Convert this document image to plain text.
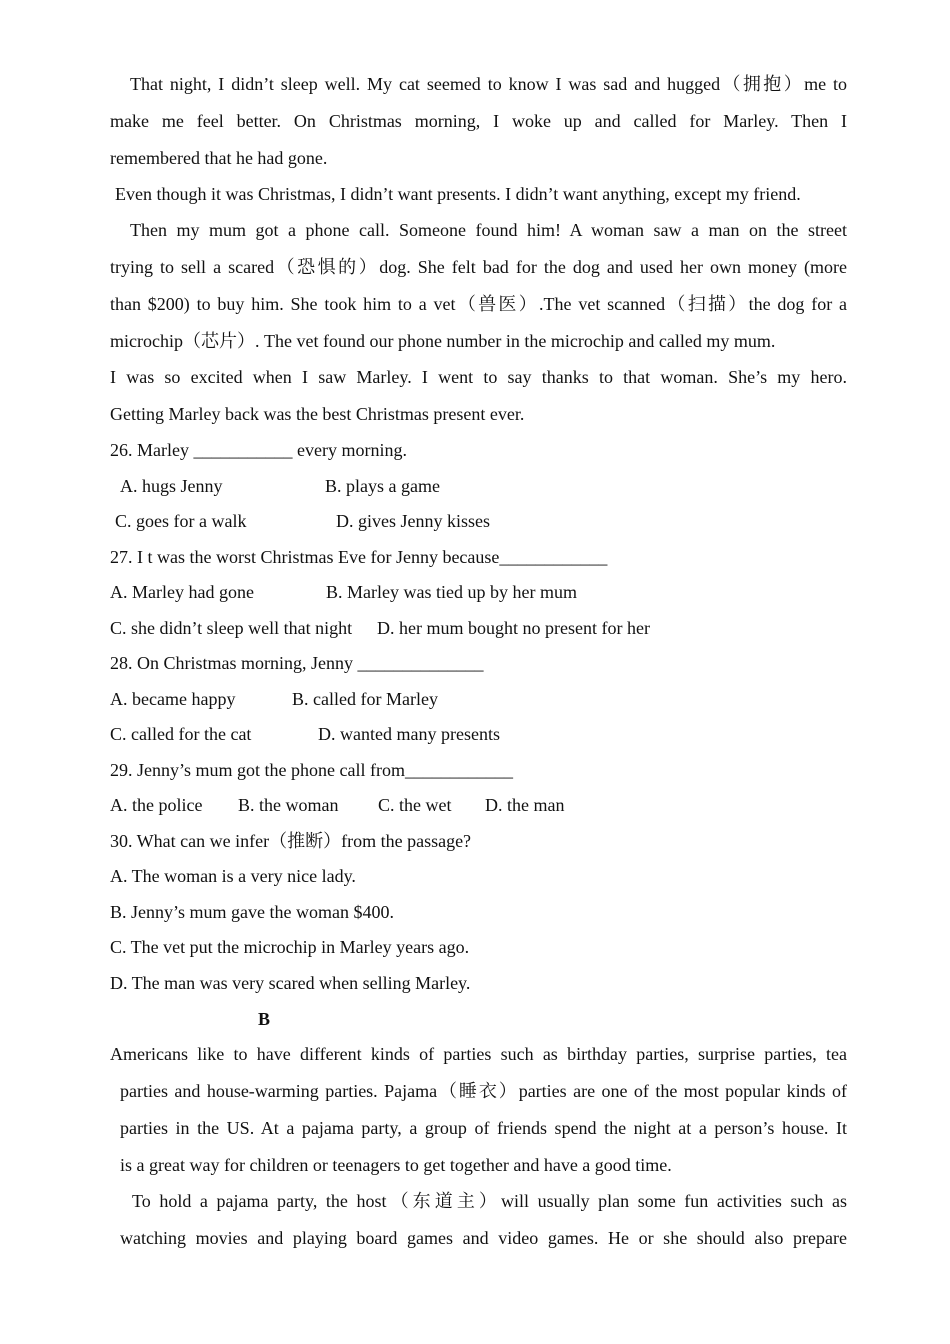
That night, I didn’t sleep well. My cat seemed to know I was sad and hugged（拥抱）me to
make me feel better. On Christmas morning, I woke up and called for Marley. Then I
remembered that he had gone.
Even though it was Christmas, I didn’t want presents. I didn’t want anything, except my friend.
Then my mum got a phone call. Someone found him! A woman saw a man on the street
trying to sell a scared（恐惧的）dog. She felt bad for the dog and used her own money (more
than $200) to buy him. She took him to a vet（兽医）.The vet scanned（扫描）the dog for a
microchip（芯片）. The vet found our phone number in the microchip and called my mum.
I was so excited when I saw Marley. I went to say thanks to that woman. She’s my hero.
Getting Marley back was the best Christmas present ever.
26. Marley ___________ every morning.
A. hugs Jenny	B. plays a game
C. goes for a walk	D. gives Jenny kisses
27. I t was the worst Christmas Eve for Jenny because____________
A. Marley had gone	B. Marley was tied up by her mum
C. she didn’t sleep well that night D. her mum bought no present for her
28. On Christmas morning, Jenny ______________
A. became happy	B. called for Marley
C. called for the cat	D. wanted many presents
29. Jenny’s mum got the phone call from____________
A. the police B. the woman C. the wet D. the man
30. What can we infer（推断）from the passage?
A. The woman is a very nice lady.
B. Jenny’s mum gave the woman $400.
C. The vet put the microchip in Marley years ago.
D. The man was very scared when selling Marley.
B
Americans like to have different kinds of parties such as birthday parties, surprise parties, tea
parties and house-warming parties. Pajama（睡衣）parties are one of the most popular kinds of
parties in the US. At a pajama party, a group of friends spend the night at a person’s house. It
is a great way for children or teenagers to get together and have a good time.
To hold a pajama party, the host（东道主）will usually plan some fun activities such as
watching movies and playing board games and video games. He or she should also prepare
